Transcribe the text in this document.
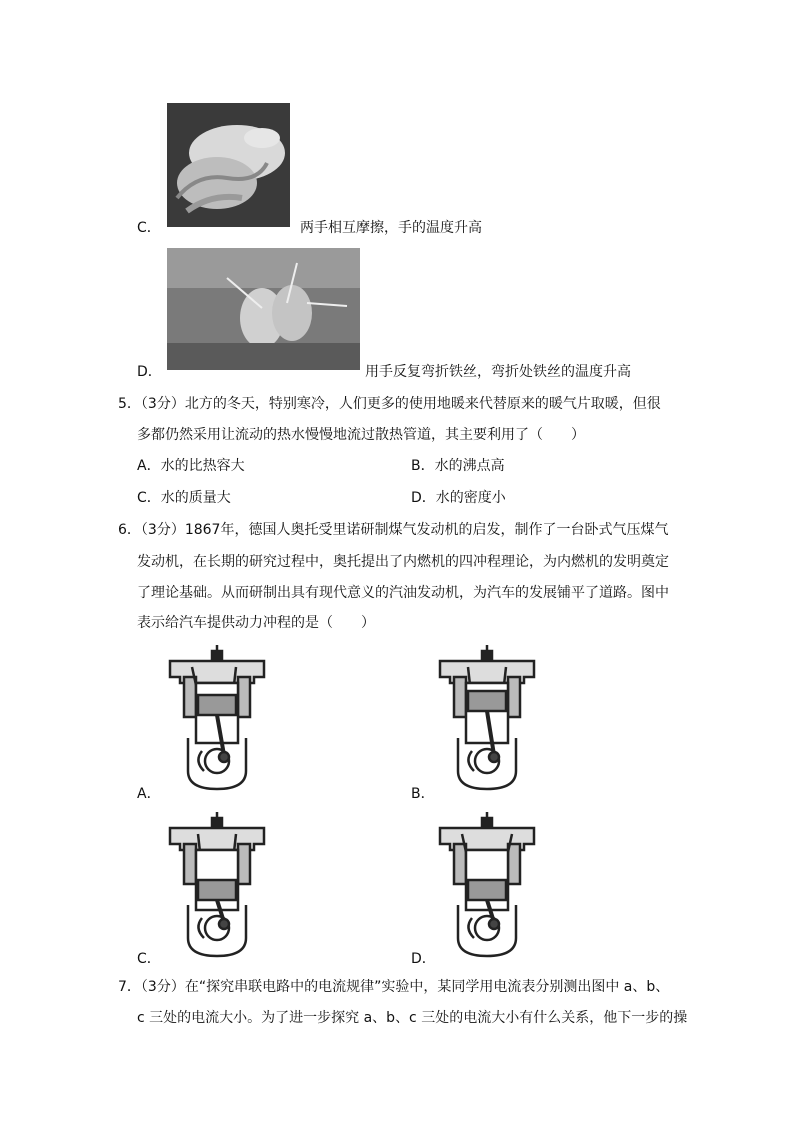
C．	两手相互摩擦，手的温度升高
D．	用手反复弯折铁丝，弯折处铁丝的温度升高
5．（3分）北方的冬天，特别寒冷，人们更多的使用地暖来代替原来的暖气片取暖，但很
多都仍然采用让流动的热水慢慢地流过散热管道，其主要利用了（　　）
A．水的比热容大	B．水的沸点高
C．水的质量大	D．水的密度小
6．（3分）1867年，德国人奥托受里诺研制煤气发动机的启发，制作了一台卧式气压煤气
发动机，在长期的研究过程中，奥托提出了内燃机的四冲程理论，为内燃机的发明奠定
了理论基础。从而研制出具有现代意义的汽油发动机，为汽车的发展铺平了道路。图中
表示给汽车提供动力冲程的是（　　）
A．	B．
C．	D．
7．（3分）在“探究串联电路中的电流规律”实验中，某同学用电流表分别测出图中 a、b、
c 三处的电流大小。为了进一步探究 a、b、c 三处的电流大小有什么关系，他下一步的操
